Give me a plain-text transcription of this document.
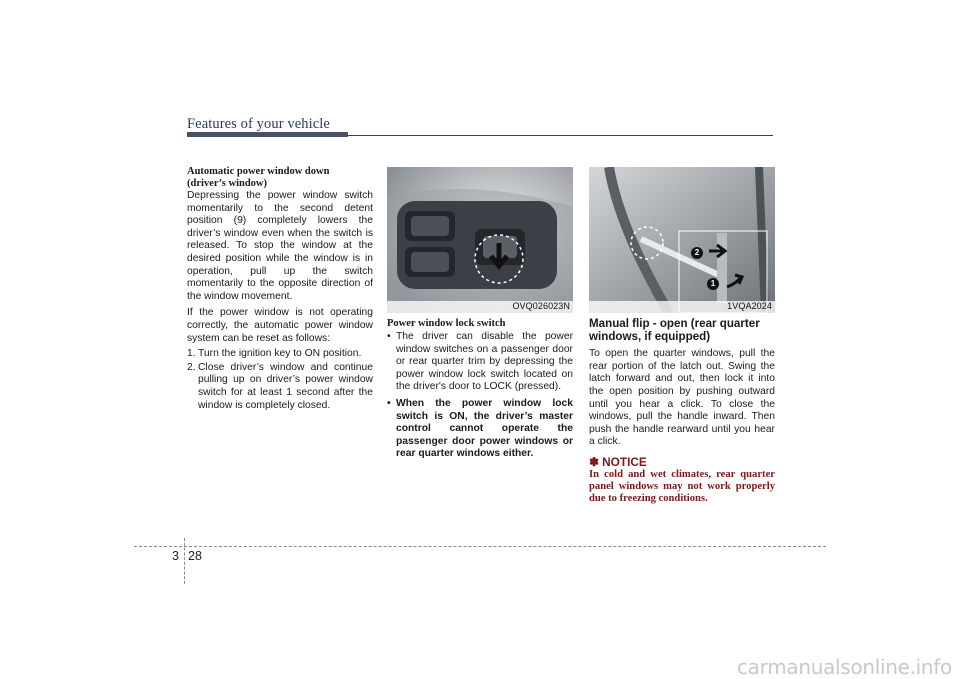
Features of your vehicle

Automatic power window down
(driver’s window)

Depressing the power window switch momentarily to the second detent position (9) completely lowers the driver’s window even when the switch is released. To stop the window at the desired position while the window is in operation, pull up the switch momentarily to the opposite direction of the window movement.

If the power window is not operating correctly, the automatic power window system can be reset as follows:

1. Turn the ignition key to ON position.
2. Close driver’s window and continue pulling up on driver’s power window switch for at least 1 second after the window is completely closed.
OVQ026023N
2
1
1VQA2024

Power window lock switch

• The driver can disable the power window switches on a passenger door or rear quarter trim by depressing the power window lock switch located on the driver's door to LOCK (pressed).
• When the power window lock switch is ON, the driver’s master control cannot operate the passenger door power windows or rear quarter windows either.

Manual flip - open (rear quarter windows, if equipped)

To open the quarter windows, pull the rear portion of the latch out. Swing the latch forward and out, then lock it into the open position by pushing outward until you hear a click. To close the windows, pull the handle inward. Then push the handle rearward until you hear a click.

✽ NOTICE

In cold and wet climates, rear quarter panel windows may not work properly due to freezing conditions.

3 28
carmanualsonline.info
